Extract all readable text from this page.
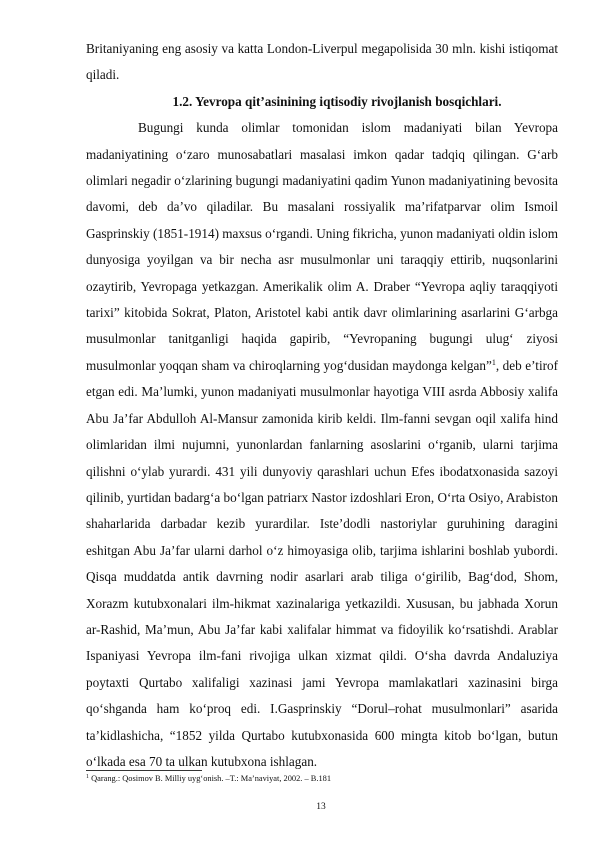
Britaniyaning eng asosiy va katta London-Liverpul megapolisida 30 mln. kishi istiqomat qiladi.

1.2. Yevropa qit’asinining iqtisodiy rivojlanish bosqichlari.

Bugungi kunda olimlar tomonidan islom madaniyati bilan Yevropa madaniyatining o‘zaro munosabatlari masalasi imkon qadar tadqiq qilingan. G‘arb olimlari negadir o‘zlarining bugungi madaniyatini qadim Yunon madaniyatining bevosita davomi, deb da’vo qiladilar. Bu masalani rossiyalik ma’rifatparvar olim Ismoil Gasprinskiy (1851-1914) maxsus o‘rgandi. Uning fikricha, yunon madaniyati oldin islom dunyosiga yoyilgan va bir necha asr musulmonlar uni taraqqiy ettirib, nuqsonlarini ozaytirib, Yevropaga yetkazgan. Amerikalik olim A. Draber “Yevropa aqliy taraqqiyoti tarixi” kitobida Sokrat, Platon, Aristotel kabi antik davr olimlarining asarlarini G‘arbga musulmonlar tanitganligi haqida gapirib, “Yevropaning bugungi ulug‘ ziyosi musulmonlar yoqqan sham va chiroqlarning yog‘dusidan maydonga kelgan”$^1$, deb e’tirof etgan edi. Ma’lumki, yunon madaniyati musulmonlar hayotiga VIII asrda Abbosiy xalifa Abu Ja’far Abdulloh Al-Mansur zamonida kirib keldi. Ilm-fanni sevgan oqil xalifa hind olimlaridan ilmi nujumni, yunonlardan fanlarning asoslarini o‘rganib, ularni tarjima qilishni o‘ylab yurardi. 431 yili dunyoviy qarashlari uchun Efes ibodatxonasida sazoyi qilinib, yurtidan badarg‘a bo‘lgan patriarx Nastor izdoshlari Eron, O‘rta Osiyo, Arabiston shaharlarida darbadar kezib yurardilar. Iste’dodli nastoriylar guruhining daragini eshitgan Abu Ja’far ularni darhol o‘z himoyasiga olib, tarjima ishlarini boshlab yubordi. Qisqa muddatda antik davrning nodir asarlari arab tiliga o‘girilib, Bag‘dod, Shom, Xorazm kutubxonalari ilm-hikmat xazinalariga yetkazildi. Xususan, bu jabhada Xorun ar-Rashid, Ma’mun, Abu Ja’far kabi xalifalar himmat va fidoyilik ko‘rsatishdi. Arablar Ispaniyasi Yevropa ilm-fani rivojiga ulkan xizmat qildi. O‘sha davrda Andaluziya poytaxti Qurtabo xalifaligi xazinasi jami Yevropa mamlakatlari xazinasini birga qo‘shganda ham ko‘proq edi. I.Gasprinskiy “Dorul–rohat musulmonlari” asarida ta’kidlashicha, “1852 yilda Qurtabo kutubxonasida 600 mingta kitob bo‘lgan, butun o‘lkada esa 70 ta ulkan kutubxona ishlagan.

$^1$ Qarang.: Qosimov B. Milliy uyg‘onish. –T.: Ma’naviyat, 2002. – B.181
13
